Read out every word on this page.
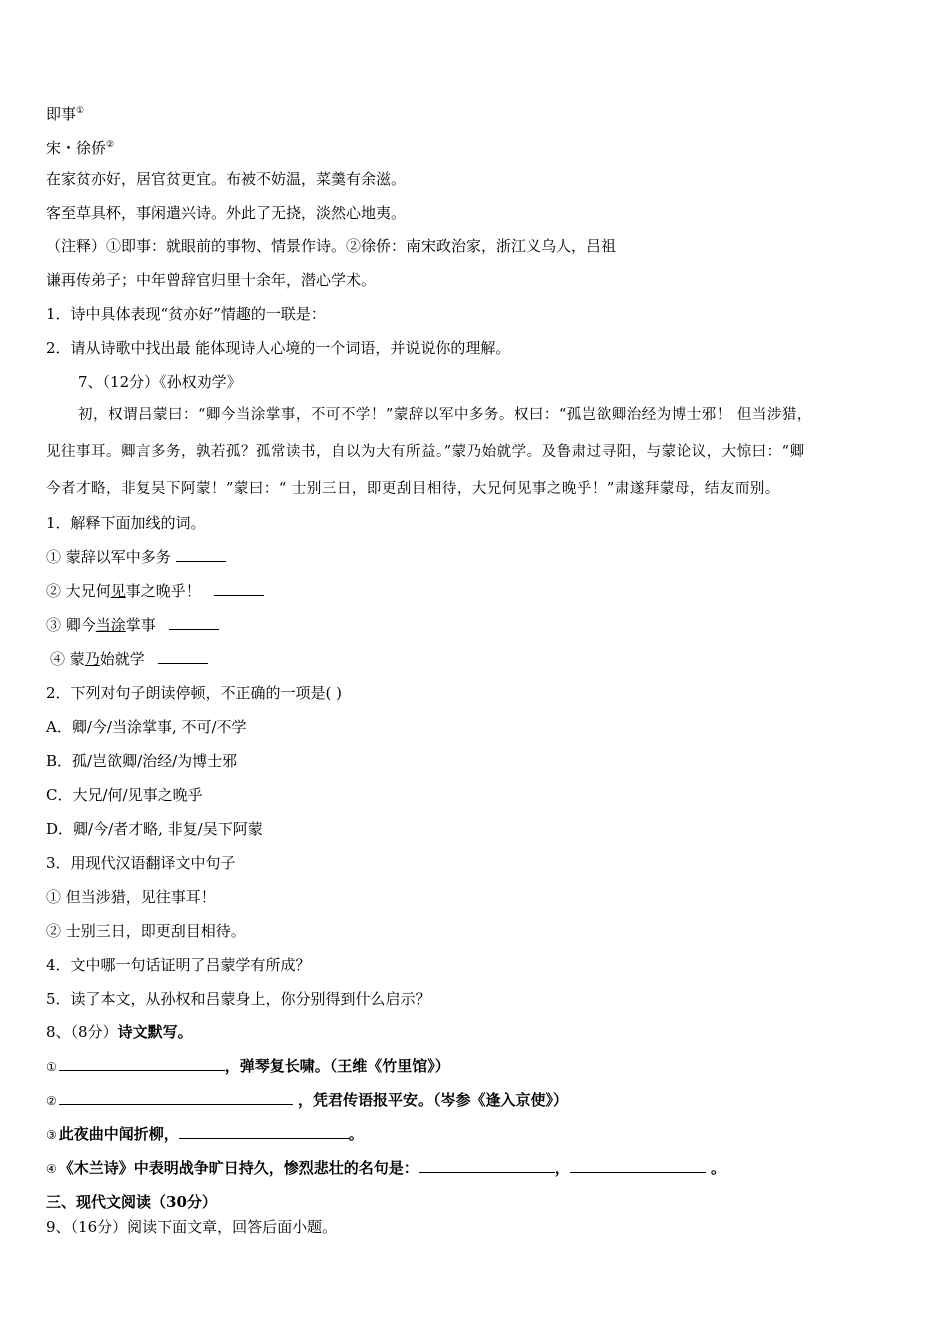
即事①
宋・徐侨②
在家贫亦好，居官贫更宜。布被不妨温，菜羹有余滋。
客至草具杯，事闲遣兴诗。外此了无挠，淡然心地夷。
（注释）①即事：就眼前的事物、情景作诗。②徐侨：南宋政治家，浙江义乌人，吕祖
谦再传弟子；中年曾辞官归里十余年，潜心学术。
1．诗中具体表现“贫亦好”情趣的一联是：
2．请从诗歌中找出最 能体现诗人心境的一个词语，并说说你的理解。
7、（12分）《孙权劝学》
初，权谓吕蒙曰：“卿今当涂掌事，不可不学！”蒙辞以军中多务。权曰：“孤岂欲卿治经为博士邪！ 但当涉猎，
见往事耳。卿言多务，孰若孤？孤常读书，自以为大有所益。”蒙乃始就学。及鲁肃过寻阳，与蒙论议，大惊曰：“卿
今者才略，非复吴下阿蒙！”蒙曰：“ 士别三日，即更刮目相待，大兄何见事之晚乎！”肃遂拜蒙母，结友而别。
1．解释下面加线的词。
① 蒙辞以军中多务
② 大兄何见事之晚乎！
③ 卿今当涂掌事
④ 蒙乃始就学
2．下列对句子朗读停顿，不正确的一项是( )
A．卿/今/当涂掌事, 不可/不学
B．孤/岂欲卿/治经/为博士邪
C．大兄/何/见事之晚乎
D．卿/今/者才略, 非复/吴下阿蒙
3．用现代汉语翻译文中句子
① 但当涉猎，见往事耳！
② 士别三日，即更刮目相待。
4．文中哪一句话证明了吕蒙学有所成？
5．读了本文，从孙权和吕蒙身上，你分别得到什么启示？
8、（8分）诗文默写。
①	，弹琴复长啸。（王维《竹里馆》）
②	，凭君传语报平安。（岑参《逢入京使》）
③ 此夜曲中闻折柳，	。
④ 《木兰诗》中表明战争旷日持久，惨烈悲壮的名句是：	，	。
三、现代文阅读（30分）
9、（16分）阅读下面文章，回答后面小题。
